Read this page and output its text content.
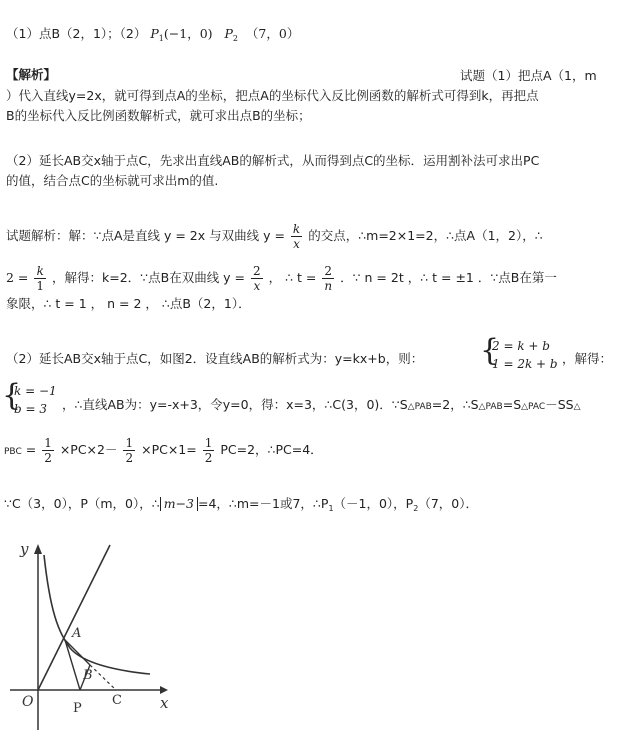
（1）点B（2，1）；（2） $P_1(-1$，0) $P_2$ （7，0）
【解析】	试题（1）把点A（1，m
）代入直线y=2x，就可得到点A的坐标，把点A的坐标代入反比例函数的解析式可得到k，再把点
B的坐标代入反比例函数解析式，就可求出点B的坐标；
（2）延长AB交x轴于点C，先求出直线AB的解析式，从而得到点C的坐标．运用割补法可求出PC
的值，结合点C的坐标就可求出m的值.
试题解析：解：∵点A是直线 y = 2x 与双曲线 $y = \frac{k}{x}$ 的交点，∴m=2×1=2，∴点A（1，2），∴
$2 = \frac{k}{1}$ ，解得：k=2．∵点B在双曲线 $y = \frac{2}{x}$ ， ∴ $t = \frac{2}{n}$ ．∵ n = 2t ，∴ t = ±1 ．∵点B在第一
象限，∴ t = 1 ， n = 2 ， ∴点B（2，1）．
（2）延长AB交x轴于点C，如图2．设直线AB的解析式为：y=kx+b，则： {
2 = k + b
1 = 2k + b ，解得：
{
k = −1
b = 3	，∴直线AB为：y=-x+3，令y=0，得：x=3，∴C(3，0)．∵S△PAB=2，∴S△PAB=S△PAC－SS△
PBC = $\frac{1}{2} \times PC\times 2- \frac{1}{2} \times PC\times 1= \frac{1}{2} PC=2$，∴PC=4．
∵C（3，0），P（m，0），∴ m−3 =4，∴m=－1或7，$\therefore P_1(-1$，0），$P_2(7$，0）．
y
x
O
A
B
P
C
